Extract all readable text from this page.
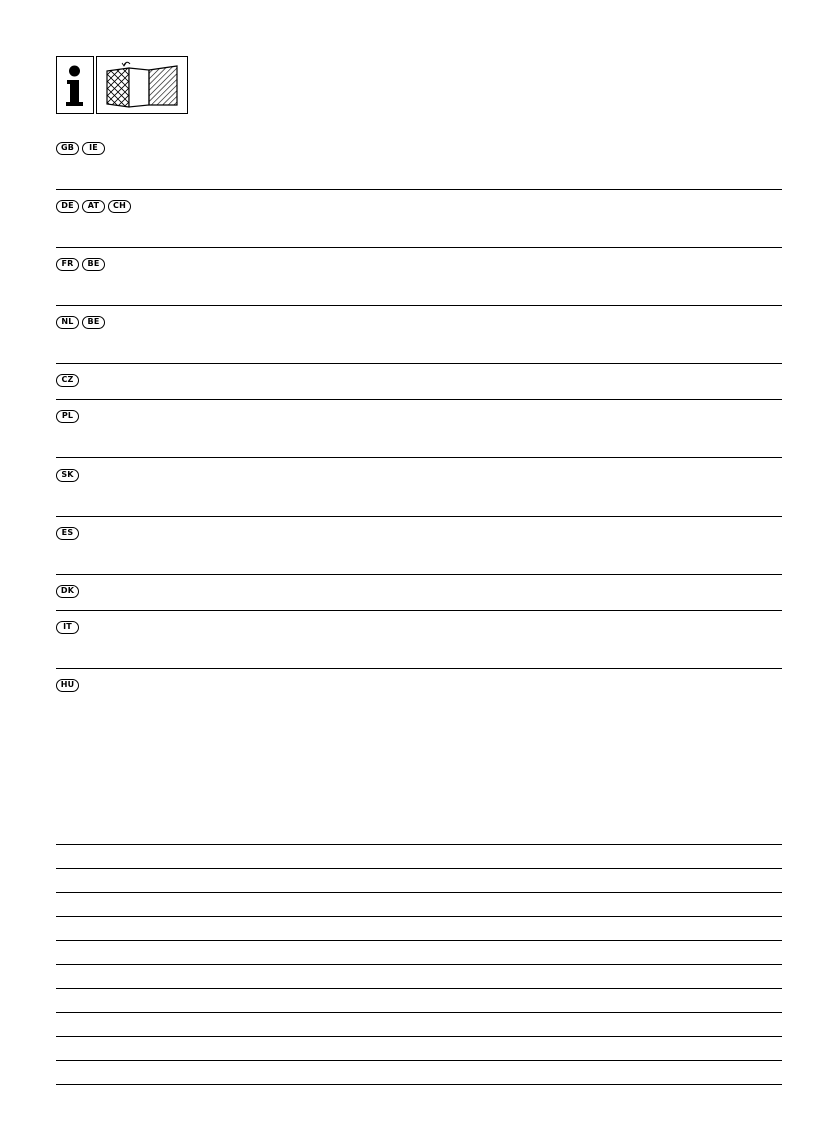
GB	IE
DE	AT	CH
FR	BE
NL	BE
CZ
PL
SK
ES
DK
IT
HU
